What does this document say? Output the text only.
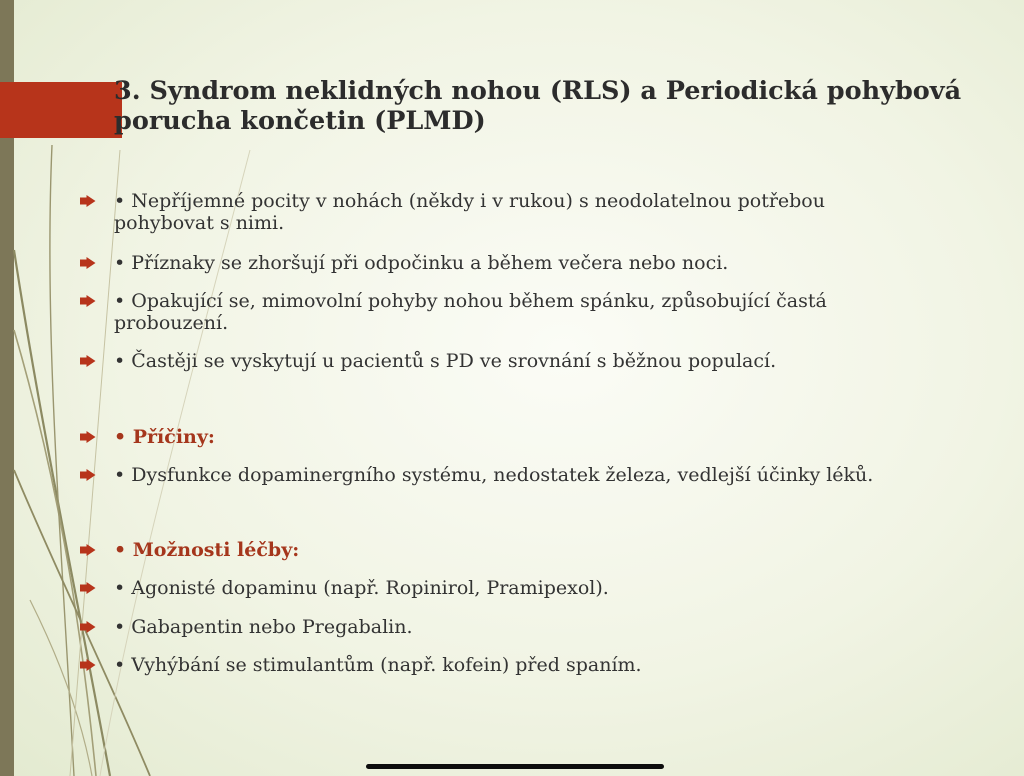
3. Syndrom neklidných nohou (RLS) a Periodická pohybová porucha končetin (PLMD)
• Nepříjemné pocity v nohách (někdy i v rukou) s neodolatelnou potřebou pohybovat s nimi.
• Příznaky se zhoršují při odpočinku a během večera nebo noci.
• Opakující se, mimovolní pohyby nohou během spánku, způsobující častá probouzení.
• Častěji se vyskytují u pacientů s PD ve srovnání s běžnou populací.
• Příčiny:
• Dysfunkce dopaminergního systému, nedostatek železa, vedlejší účinky léků.
• Možnosti léčby:
• Agonisté dopaminu (např. Ropinirol, Pramipexol).
• Gabapentin nebo Pregabalin.
• Vyhýbání se stimulantům (např. kofein) před spaním.
